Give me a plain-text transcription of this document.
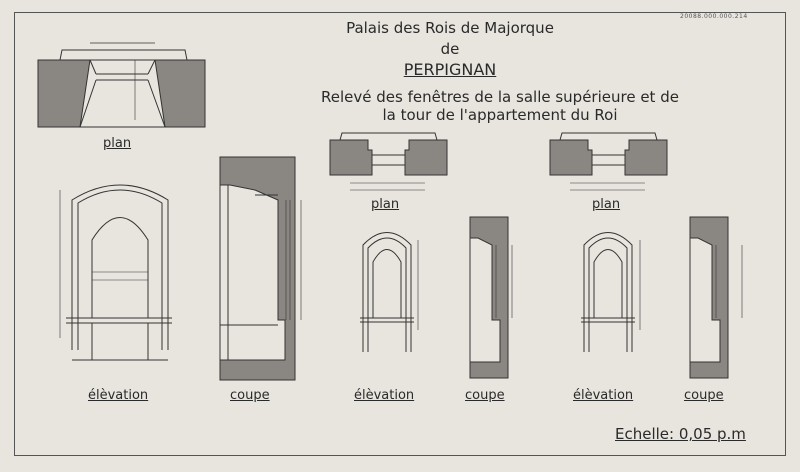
20088.000.000.214
Palais des Rois de Majorque
de
PERPIGNAN
Relevé des fenêtres de la salle supérieure et de
la tour de l'appartement du Roi
plan
plan	plan
élèvation	élèvation	élèvation
coupe	coupe	coupe
Echelle: 0,05 p.m
